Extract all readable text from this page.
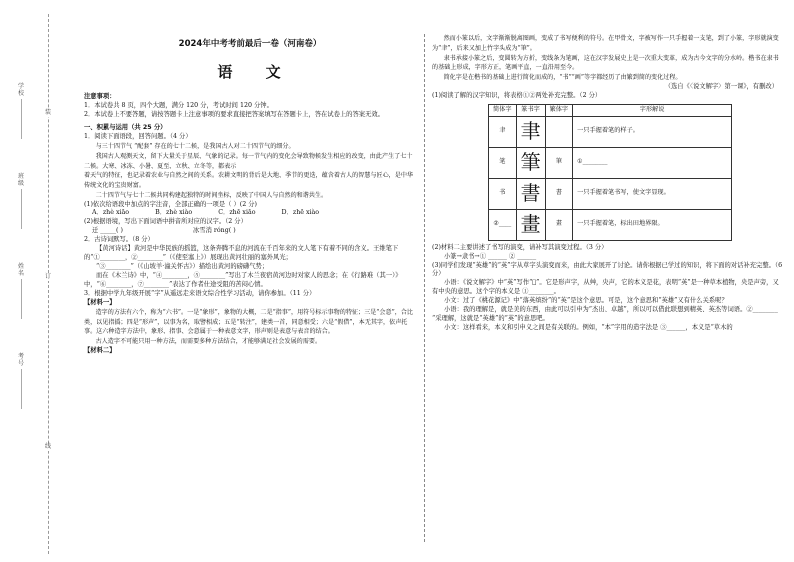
装
订
线
学
校
班
级
姓
名
考
号
2024年中考考前最后一卷（河南卷）
语 文

注意事项：

1．本试卷共 8 页，四个大题，满分 120 分，考试时间 120 分钟。

2．本试卷上不要答题，请按答题卡上注意事项的要求直接把答案填写在答题卡上，答在试卷上的答案无效。

一、积累与运用（共 25 分）

1．阅读下面语段，回答问题。（4 分）

与三十四节气 “配套” 存在的七十二候，是我国古人对二十四节气的细分。

我国古人观测天文，留下大量关于星辰、气象的记录。每一节气内的变化会导致物候发生相应的改变，由此产生了七十二候。大寒、冰冻、小暑、夏至、立秋、立冬等，都表示

着天气的特征，也记录着农业与自然之间的关系。农耕文明的背后是大地、季节的更迭，蕴含着古人的智慧与匠心，是中华传统文化的宝贵财富。

二十四节气与七十二候共同构建起独特的时间坐标，反映了中国人与自然的和谐共生。

(1)依次给语段中加点的字注音，全部正确的一项是（ ）(2 分)

A．zhè xiāo	B．zhè xiào	C．zhē xiāo	D．zhē xiào

(2)根据语境，写出下面词语中拼音所对应的汉字。（2 分）

迁 _____( )	冰雪消 róng( )

2．古诗词默写。（8 分）

【黄河诗话】黄河是中华民族的摇篮，这条奔腾不息的河流在千百年来的文人笔下有着不同的含义。王维笔下的“①________，②________”（《使至塞上》）展现出黄河壮丽的塞外风光；

“③________”（《山坡羊·潼关怀古》）描绘出黄河的磅礴气势；

而在《木兰诗》中，“④________，⑤________”写出了木兰夜宿黄河边时对家人的思念；在《行路难（其一）》中，“⑥________，⑦________”表达了作者仕途受阻的苦闷心情。

3．根据中学九年级开展“字”从遥远走来语文综合性学习活动，请你参加。（11 分）

【材料一】

造字的方法有六个，称为“六书”。一是“象形”，象物的大概，二是“指事”，用符号标示事物的特征；三是“会意”，合比类，以见指撝；四是“形声”，以事为名，取譬相成；五是“转注”，建类一首，同意相受；六是“假借”，本无其字，依声托事。这六种造字方法中，象形、指事、会意属于一种表意文字，形声则是表意与表音的结合。

古人造字不可能只用一种方法，而需要多种方法结合，才能够满足社会发展的需要。

【材料二】

然而小篆以后，文字渐渐脱离图画，变成了书写便利的符号。在甲骨文，字被写作一只手握着一支笔，到了小篆，字形就演变为“聿”，后来又加上竹字头成为“筆”。

隶书承接小篆之后，变圆转为方折，变线条为笔画，这在汉字发展史上是一次重大变革，成为古今文字的分水岭。楷书在隶书的基础上形成，字形方正，笔画平直，一直沿用至今。

简化字是在楷书的基础上进行简化而成的，“书”“画”等字都经历了由繁到简的变化过程。

（选自《〈说文解字〉第一课》，有删改）

(1)阅读了解的汉字知识，将表格①②两处补充完整。（2 分）

简体字	篆书字	繁体字	字形解说
聿	聿		一只手握着笔的样子。
笔	筆	筆	①________
书	書	書	一只手握着笔书写，使文字显现。
②____	畫	畫	一只手握着笔，标出田地界限。

(2)材料二主要讲述了书写的演变，请补写其演变过程。（3 分）

小篆→隶书→① ______ ② ______

(3)同学们发现“英雄”的“英”字从草字头演变而来，由此大家展开了讨论。请你根据已学过的知识，将下面的对话补充完整。（6 分）

小语：《说文解字》中“英”写作“𦫵”。它是形声字，从艸，央声，它的本义是花，表明“英”是一种草本植物，央是声旁，又有中央的意思。这个字的本义是 ①________。

小文：过了《桃花源记》中“落英缤纷”的“英”是这个意思。可是，这个意思和“英雄”又有什么关系呢？

小语：我的理解是，就是美的东西，由此可以引申为“杰出、卓越”，所以可以借此联想到精英、英杰等词语。②________

“采理解，这就是“英雄”的“英”的意思吧。

小文：这样看来，本义和引申义之间是有关联的。例如，“本”字用的造字法是 ③______，本义是“草木的
